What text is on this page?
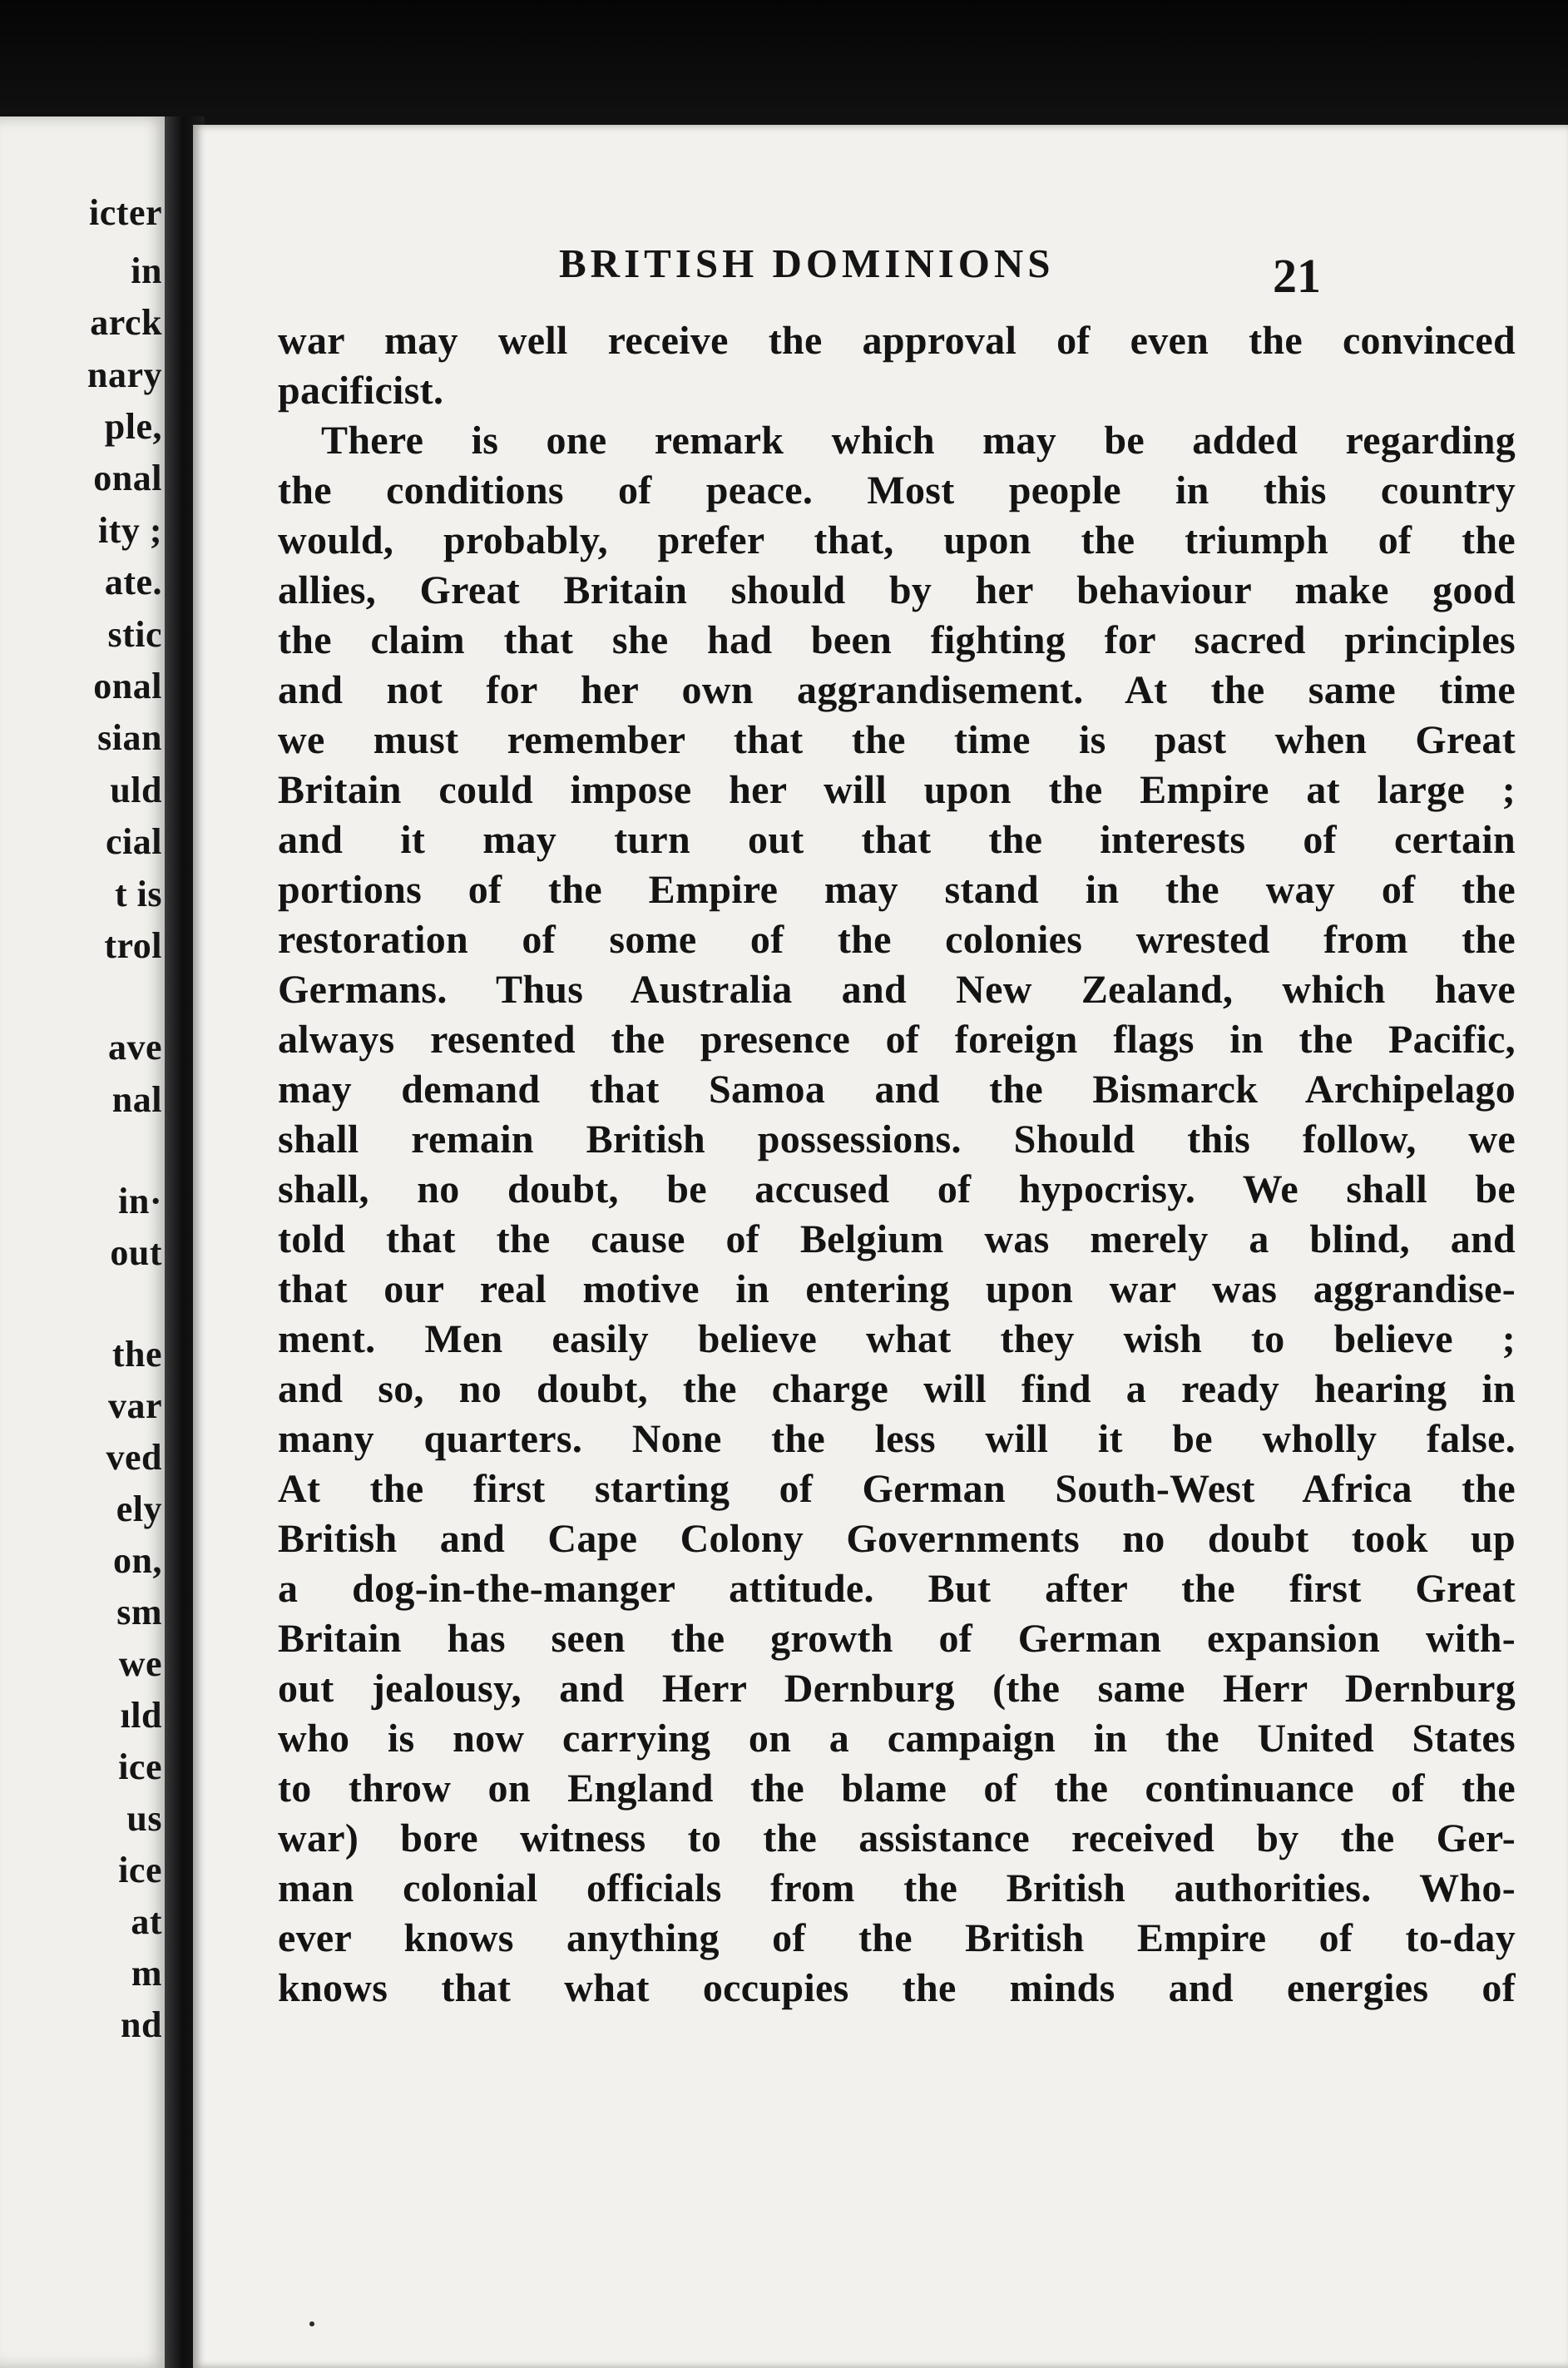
icter
in
arck
nary
ple,
onal
ity ;
ate.
stic
onal
sian
uld
cial
t is
trol
ave
nal
in·
out
the
var
ved
ely
on,
sm
we
ıld
ice
us
ice
at
m
nd
BRITISH DOMINIONS	21
war may well receive the approval of even the convinced
pacificist.
There is one remark which may be added regarding
the conditions of peace. Most people in this country
would, probably, prefer that, upon the triumph of the
allies, Great Britain should by her behaviour make good
the claim that she had been fighting for sacred principles
and not for her own aggrandisement. At the same time
we must remember that the time is past when Great
Britain could impose her will upon the Empire at large ;
and it may turn out that the interests of certain
portions of the Empire may stand in the way of the
restoration of some of the colonies wrested from the
Germans. Thus Australia and New Zealand, which have
always resented the presence of foreign flags in the Pacific,
may demand that Samoa and the Bismarck Archipelago
shall remain British possessions. Should this follow, we
shall, no doubt, be accused of hypocrisy. We shall be
told that the cause of Belgium was merely a blind, and
that our real motive in entering upon war was aggrandise-
ment. Men easily believe what they wish to believe ;
and so, no doubt, the charge will find a ready hearing in
many quarters. None the less will it be wholly false.
At the first starting of German South-West Africa the
British and Cape Colony Governments no doubt took up
a dog-in-the-manger attitude. But after the first Great
Britain has seen the growth of German expansion with-
out jealousy, and Herr Dernburg (the same Herr Dernburg
who is now carrying on a campaign in the United States
to throw on England the blame of the continuance of the
war) bore witness to the assistance received by the Ger-
man colonial officials from the British authorities. Who-
ever knows anything of the British Empire of to-day
knows that what occupies the minds and energies of
